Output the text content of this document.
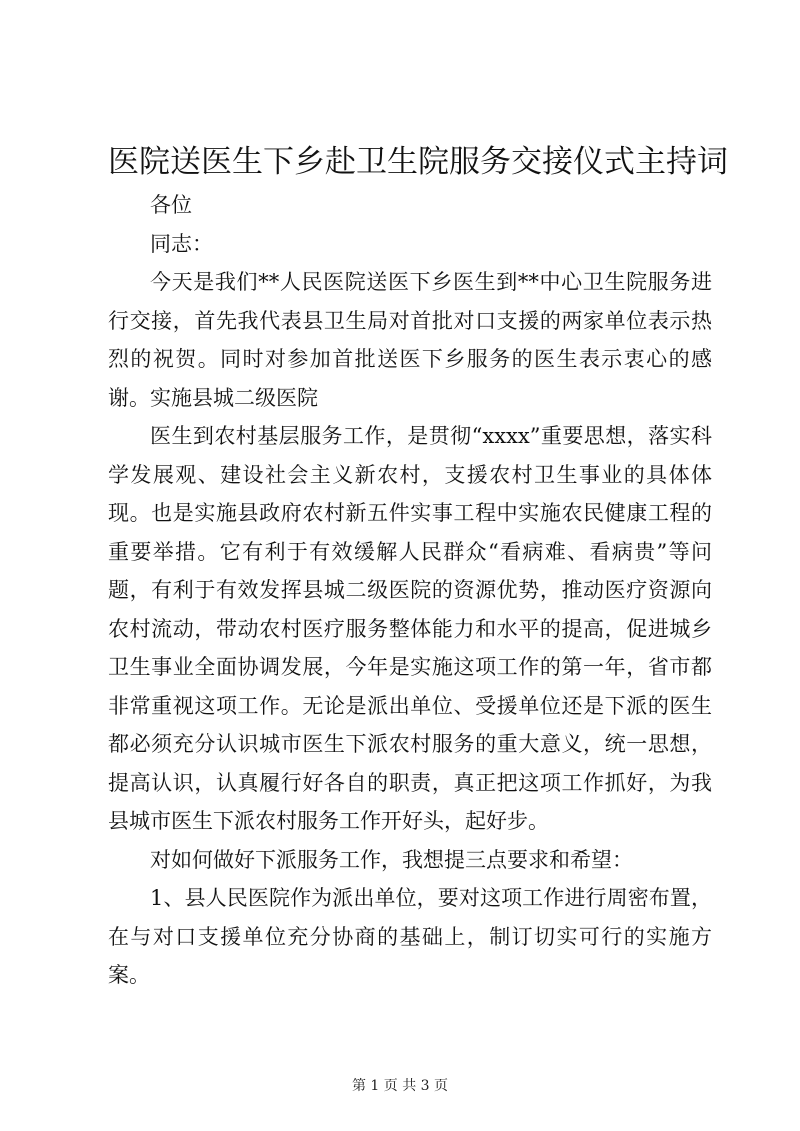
医院送医生下乡赴卫生院服务交接仪式主持词

各位

同志：

今天是我们**人民医院送医下乡医生到**中心卫生院服务进行交接，首先我代表县卫生局对首批对口支援的两家单位表示热烈的祝贺。同时对参加首批送医下乡服务的医生表示衷心的感谢。实施县城二级医院

医生到农村基层服务工作，是贯彻“xxxx”重要思想，落实科学发展观、建设社会主义新农村，支援农村卫生事业的具体体现。也是实施县政府农村新五件实事工程中实施农民健康工程的重要举措。它有利于有效缓解人民群众“看病难、看病贵”等问题，有利于有效发挥县城二级医院的资源优势，推动医疗资源向农村流动，带动农村医疗服务整体能力和水平的提高，促进城乡卫生事业全面协调发展，今年是实施这项工作的第一年，省市都非常重视这项工作。无论是派出单位、受援单位还是下派的医生都必须充分认识城市医生下派农村服务的重大意义，统一思想，提高认识，认真履行好各自的职责，真正把这项工作抓好，为我县城市医生下派农村服务工作开好头，起好步。

对如何做好下派服务工作，我想提三点要求和希望：

1、县人民医院作为派出单位，要对这项工作进行周密布置，在与对口支援单位充分协商的基础上，制订切实可行的实施方案。

第 1 页 共 3 页
